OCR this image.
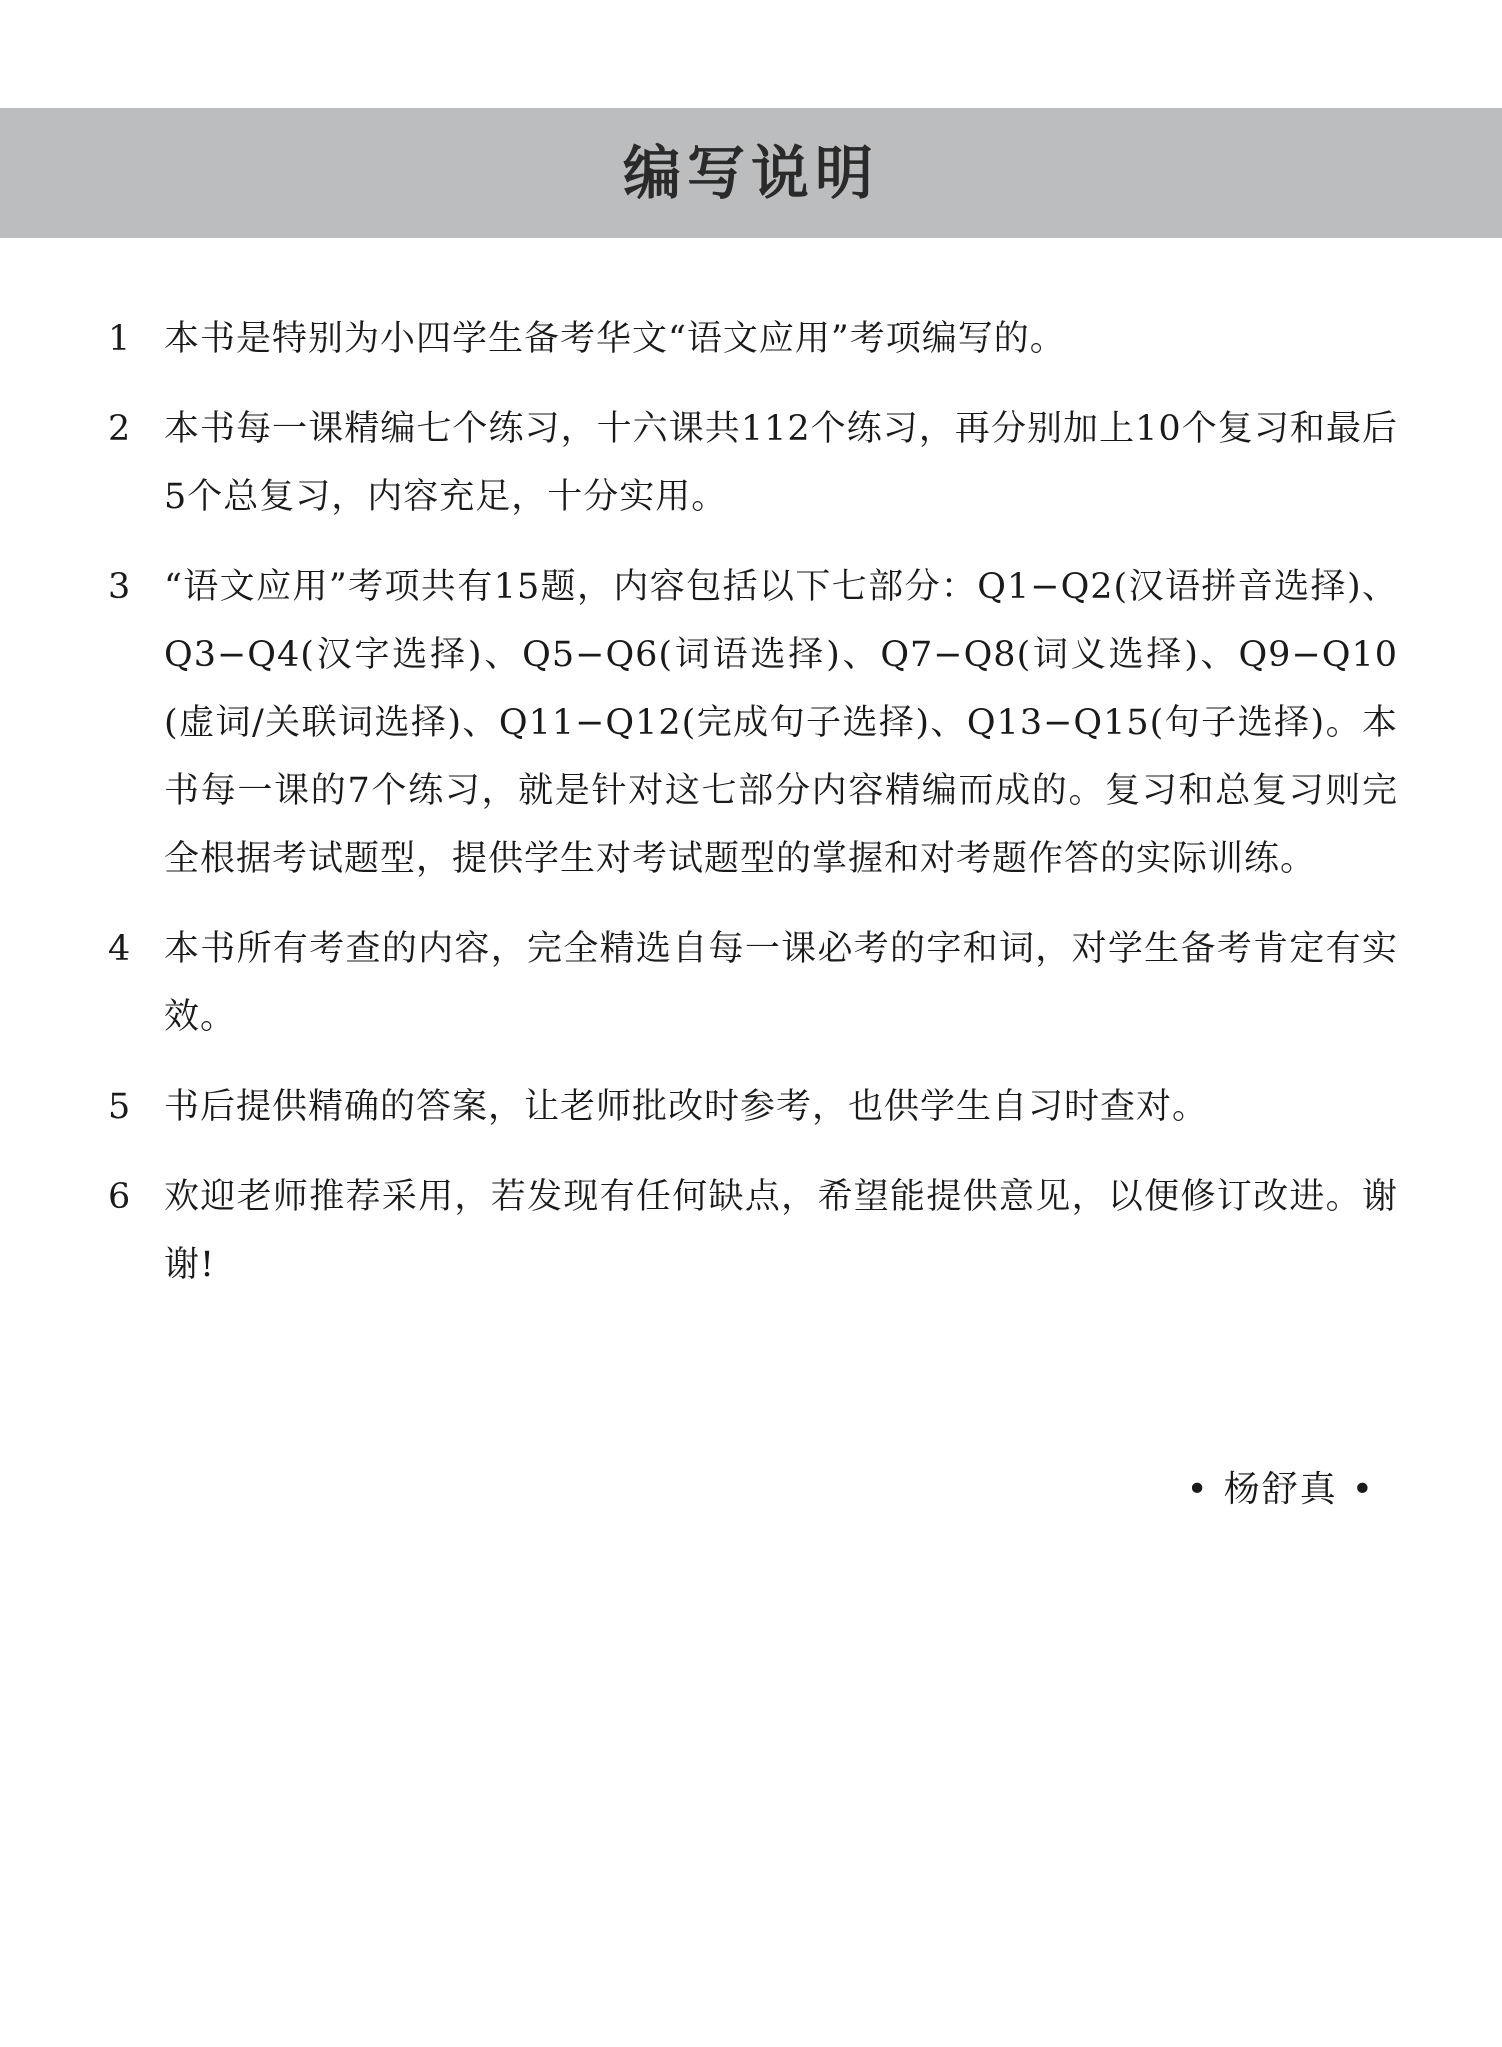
编写说明
1 本书是特别为小四学生备考华文“语文应用”考项编写的。
2 本书每一课精编七个练习，十六课共112个练习，再分别加上10个复习和最后5个总复习，内容充足，十分实用。
3 “语文应用”考项共有15题，内容包括以下七部分：Q1−Q2(汉语拼音选择)、Q3−Q4(汉字选择)、Q5−Q6(词语选择)、Q7−Q8(词义选择)、Q9−Q10(虚词/关联词选择)、Q11−Q12(完成句子选择)、Q13−Q15(句子选择)。本书每一课的7个练习，就是针对这七部分内容精编而成的。复习和总复习则完全根据考试题型，提供学生对考试题型的掌握和对考题作答的实际训练。
4 本书所有考查的内容，完全精选自每一课必考的字和词，对学生备考肯定有实效。
5 书后提供精确的答案，让老师批改时参考，也供学生自习时查对。
6 欢迎老师推荐采用，若发现有任何缺点，希望能提供意见，以便修订改进。谢谢!
• 杨舒真 •
